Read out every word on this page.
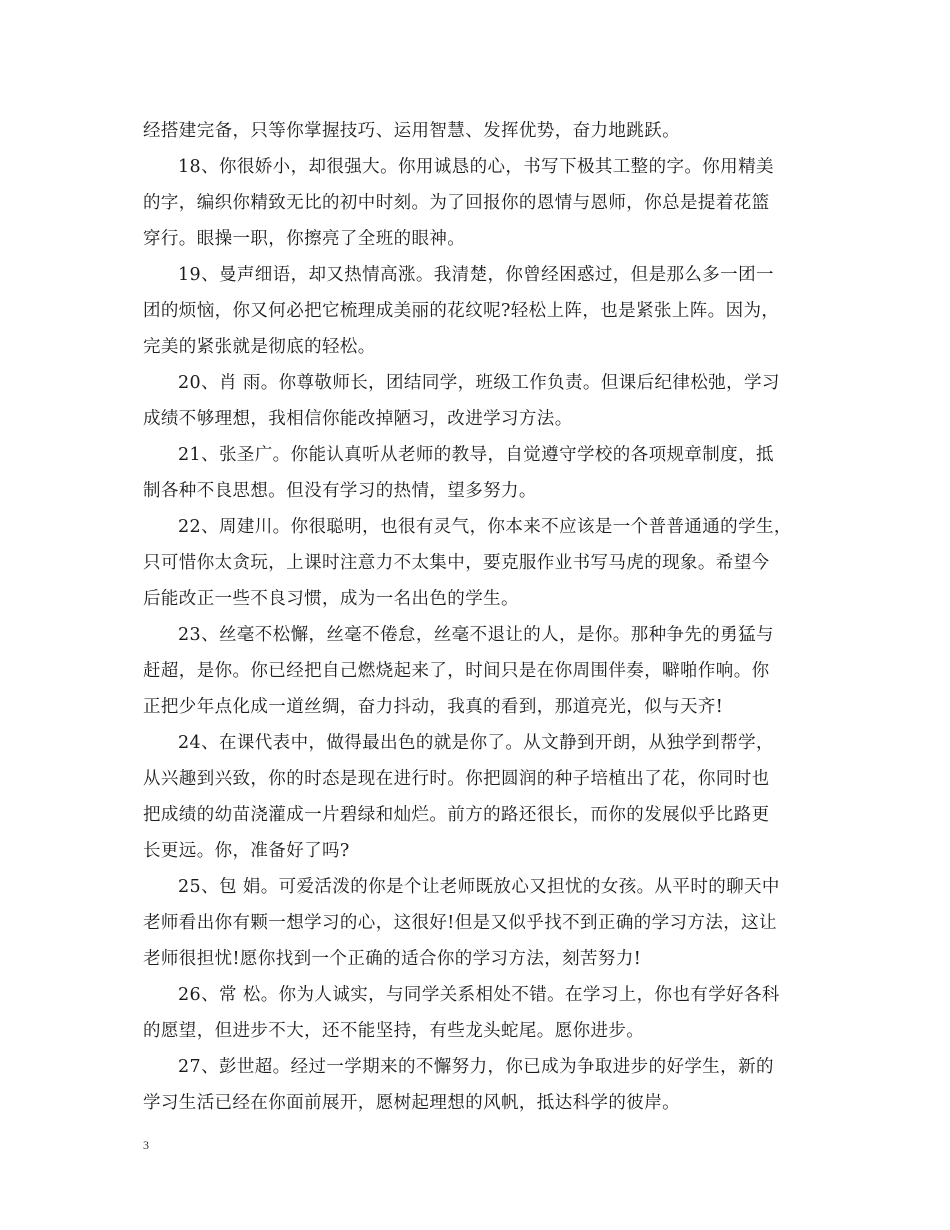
经搭建完备，只等你掌握技巧、运用智慧、发挥优势，奋力地跳跃。
18、你很娇小，却很强大。你用诚恳的心，书写下极其工整的字。你用精美
的字，编织你精致无比的初中时刻。为了回报你的恩情与恩师，你总是提着花篮
穿行。眼操一职，你擦亮了全班的眼神。
19、曼声细语，却又热情高涨。我清楚，你曾经困惑过，但是那么多一团一
团的烦恼，你又何必把它梳理成美丽的花纹呢?轻松上阵，也是紧张上阵。因为，
完美的紧张就是彻底的轻松。
20、肖 雨。你尊敬师长，团结同学，班级工作负责。但课后纪律松弛，学习
成绩不够理想，我相信你能改掉陋习，改进学习方法。
21、张圣广。你能认真听从老师的教导，自觉遵守学校的各项规章制度，抵
制各种不良思想。但没有学习的热情，望多努力。
22、周建川。你很聪明，也很有灵气，你本来不应该是一个普普通通的学生，
只可惜你太贪玩，上课时注意力不太集中，要克服作业书写马虎的现象。希望今
后能改正一些不良习惯，成为一名出色的学生。
23、丝毫不松懈，丝毫不倦怠，丝毫不退让的人，是你。那种争先的勇猛与
赶超，是你。你已经把自己燃烧起来了，时间只是在你周围伴奏，噼啪作响。你
正把少年点化成一道丝绸，奋力抖动，我真的看到，那道亮光，似与天齐!
24、在课代表中，做得最出色的就是你了。从文静到开朗，从独学到帮学，
从兴趣到兴致，你的时态是现在进行时。你把圆润的种子培植出了花，你同时也
把成绩的幼苗浇灌成一片碧绿和灿烂。前方的路还很长，而你的发展似乎比路更
长更远。你，准备好了吗?
25、包 娟。可爱活泼的你是个让老师既放心又担忧的女孩。从平时的聊天中
老师看出你有颗一想学习的心，这很好!但是又似乎找不到正确的学习方法，这让
老师很担忧!愿你找到一个正确的适合你的学习方法，刻苦努力!
26、常 松。你为人诚实，与同学关系相处不错。在学习上，你也有学好各科
的愿望，但进步不大，还不能坚持，有些龙头蛇尾。愿你进步。
27、彭世超。经过一学期来的不懈努力，你已成为争取进步的好学生，新的
学习生活已经在你面前展开，愿树起理想的风帆，抵达科学的彼岸。
3
